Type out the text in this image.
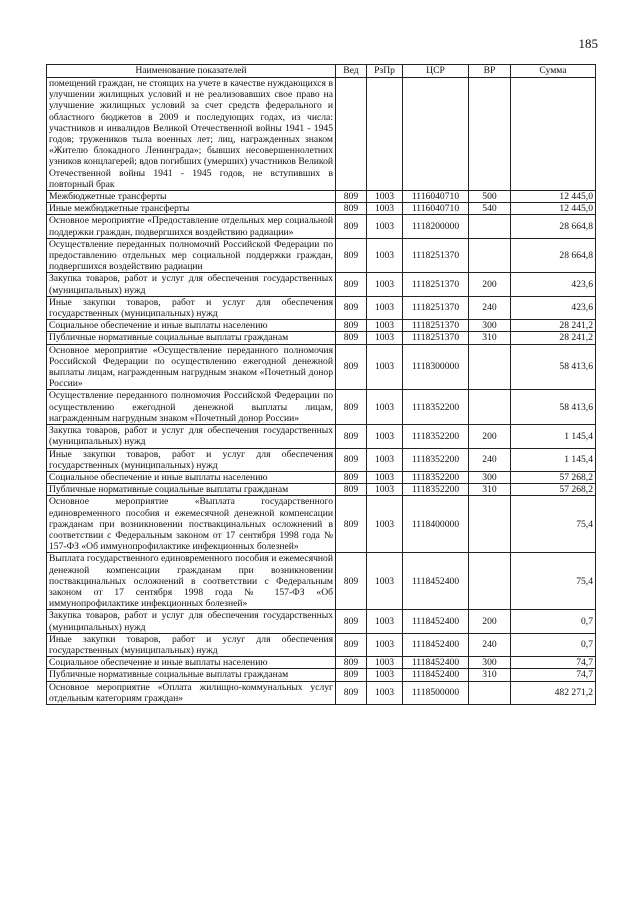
185
Наименование показателей	Вед	РзПр	ЦСР	ВР	Сумма
помещений граждан, не стоящих на учете в качестве нуждающихся в улучшении жилищных условий и не реализовавших свое право на улучшение жилищных условий за счет средств федерального и областного бюджетов в 2009 и последующих годах, из числа: участников и инвалидов Великой Отечественной войны 1941 - 1945 годов; тружеников тыла военных лет; лиц, награжденных знаком «Жителю блокадного Ленинграда»; бывших несовершеннолетних узников концлагерей; вдов погибших (умерших) участников Великой Отечественной войны 1941 - 1945 годов, не вступивших в повторный брак					
Межбюджетные трансферты	809	1003	1116040710	500	12 445,0
Иные межбюджетные трансферты	809	1003	1116040710	540	12 445,0
Основное мероприятие «Предоставление отдельных мер социальной поддержки граждан, подвергшихся воздействию радиации»	809	1003	1118200000		28 664,8
Осуществление переданных полномочий Российской Федерации по предоставлению отдельных мер социальной поддержки граждан, подвергшихся воздействию радиации	809	1003	1118251370		28 664,8
Закупка товаров, работ и услуг для обеспечения государственных (муниципальных) нужд	809	1003	1118251370	200	423,6
Иные закупки товаров, работ и услуг для обеспечения государственных (муниципальных) нужд	809	1003	1118251370	240	423,6
Социальное обеспечение и иные выплаты населению	809	1003	1118251370	300	28 241,2
Публичные нормативные социальные выплаты гражданам	809	1003	1118251370	310	28 241,2
Основное мероприятие «Осуществление переданного полномочия Российской Федерации по осуществлению ежегодной денежной выплаты лицам, награжденным нагрудным знаком «Почетный донор России»	809	1003	1118300000		58 413,6
Осуществление переданного полномочия Российской Федерации по осуществлению ежегодной денежной выплаты лицам, награжденным нагрудным знаком «Почетный донор России»	809	1003	1118352200		58 413,6
Закупка товаров, работ и услуг для обеспечения государственных (муниципальных) нужд	809	1003	1118352200	200	1 145,4
Иные закупки товаров, работ и услуг для обеспечения государственных (муниципальных) нужд	809	1003	1118352200	240	1 145,4
Социальное обеспечение и иные выплаты населению	809	1003	1118352200	300	57 268,2
Публичные нормативные социальные выплаты гражданам	809	1003	1118352200	310	57 268,2
Основное мероприятие «Выплата государственного единовременного пособия и ежемесячной денежной компенсации гражданам при возникновении поствакцинальных осложнений в соответствии с Федеральным законом от 17 сентября 1998 года № 157-ФЗ «Об иммунопрофилактике инфекционных болезней»	809	1003	1118400000		75,4
Выплата государственного единовременного пособия и ежемесячной денежной компенсации гражданам при возникновении поствакцинальных осложнений в соответствии с Федеральным законом от 17 сентября 1998 года № 157-ФЗ «Об иммунопрофилактике инфекционных болезней»	809	1003	1118452400		75,4
Закупка товаров, работ и услуг для обеспечения государственных (муниципальных) нужд	809	1003	1118452400	200	0,7
Иные закупки товаров, работ и услуг для обеспечения государственных (муниципальных) нужд	809	1003	1118452400	240	0,7
Социальное обеспечение и иные выплаты населению	809	1003	1118452400	300	74,7
Публичные нормативные социальные выплаты гражданам	809	1003	1118452400	310	74,7
Основное мероприятие «Оплата жилищно-коммунальных услуг отдельным категориям граждан»	809	1003	1118500000		482 271,2
